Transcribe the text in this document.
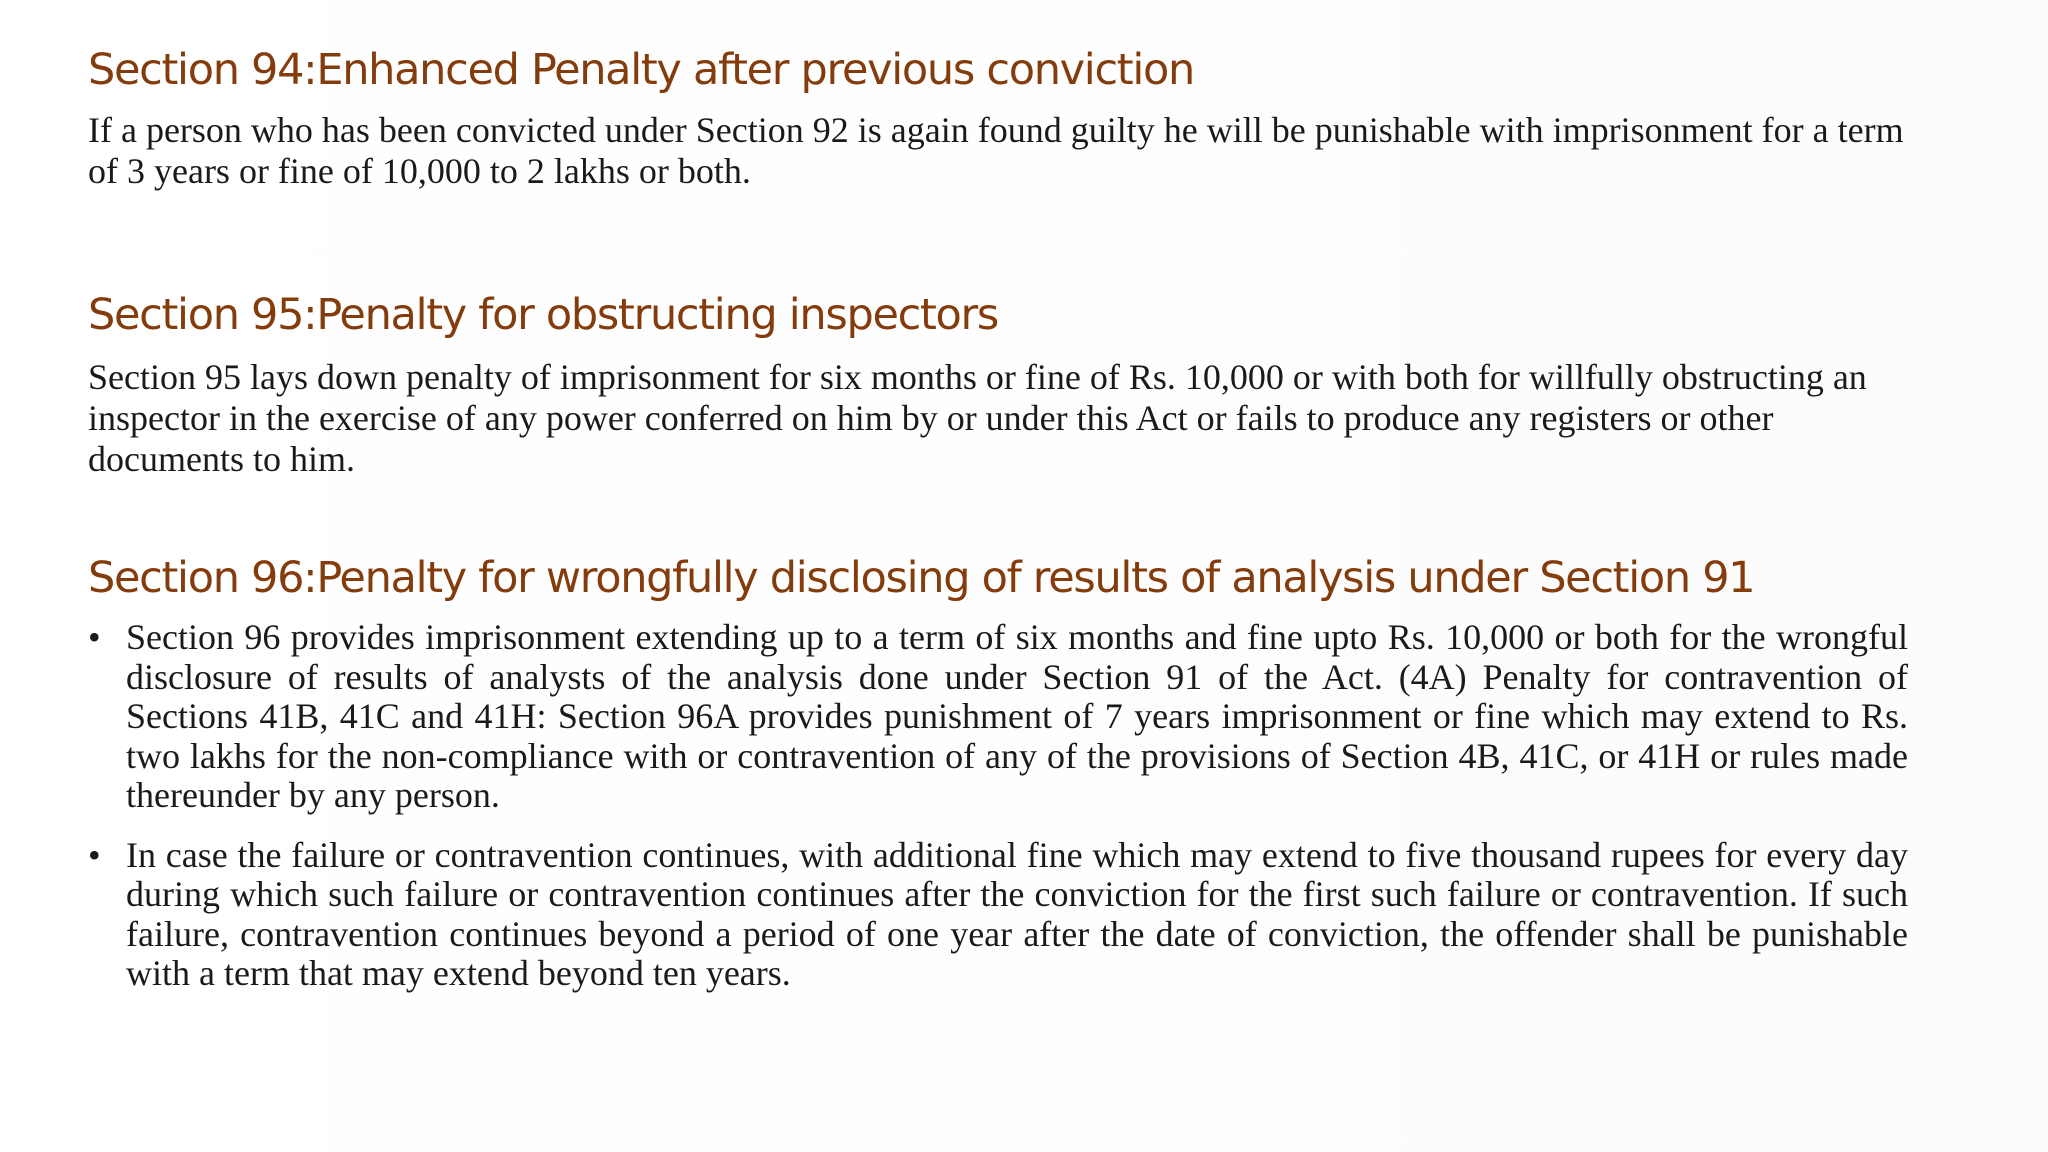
Section 94:Enhanced Penalty after previous conviction

If a person who has been convicted under Section 92 is again found guilty he will be punishable with imprisonment for a term of 3 years or fine of 10,000 to 2 lakhs or both.

Section 95:Penalty for obstructing inspectors

Section 95 lays down penalty of imprisonment for six months or fine of Rs. 10,000 or with both for willfully obstructing an inspector in the exercise of any power conferred on him by or under this Act or fails to produce any registers or other documents to him.

Section 96:Penalty for wrongfully disclosing of results of analysis under Section 91
• Section 96 provides imprisonment extending up to a term of six months and fine upto Rs. 10,000 or both for the wrongful disclosure of results of analysts of the analysis done under Section 91 of the Act. (4A) Penalty for contravention of Sections 41B, 41C and 41H: Section 96A provides punishment of 7 years imprisonment or fine which may extend to Rs. two lakhs for the non-compliance with or contravention of any of the provisions of Section 4B, 41C, or 41H or rules made thereunder by any person.
• In case the failure or contravention continues, with additional fine which may extend to five thousand rupees for every day during which such failure or contravention continues after the conviction for the first such failure or contravention. If such failure, contravention continues beyond a period of one year after the date of conviction, the offender shall be punishable with a term that may extend beyond ten years.
